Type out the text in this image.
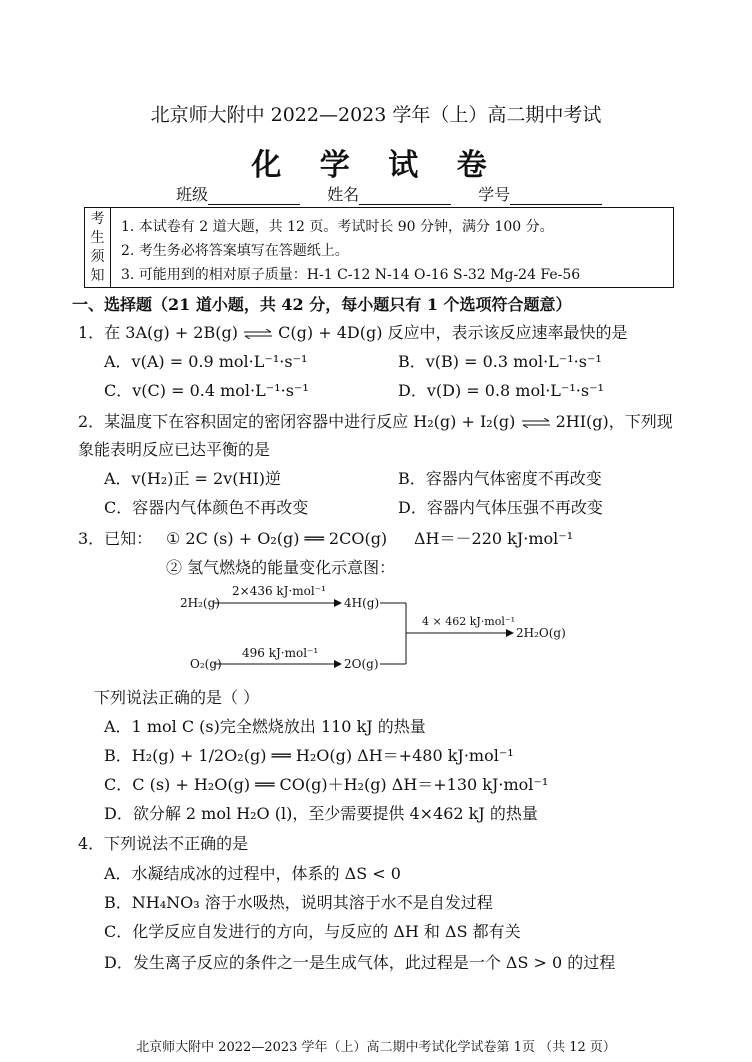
北京师大附中 2022—2023 学年（上）高二期中考试
化 学 试 卷
班级	姓名	学号
考
生
须
知
1. 本试卷有 2 道大题，共 12 页。考试时长 90 分钟，满分 100 分。
2. 考生务必将答案填写在答题纸上。
3. 可能用到的相对原子质量：H-1 C-12 N-14 O-16 S-32 Mg-24 Fe-56
一、选择题（21 道小题，共 42 分，每小题只有 1 个选项符合题意）
1．在 3A(g) + 2B(g) ⇌ C(g) + 4D(g) 反应中，表示该反应速率最快的是
A．v(A) = 0.9 mol·L⁻¹·s⁻¹	B．v(B) = 0.3 mol·L⁻¹·s⁻¹
C．v(C) = 0.4 mol·L⁻¹·s⁻¹	D．v(D) = 0.8 mol·L⁻¹·s⁻¹
2．某温度下在容积固定的密闭容器中进行反应 H₂(g) + I₂(g) ⇌ 2HI(g)，下列现
象能表明反应已达平衡的是
A．v(H₂)正 = 2v(HI)逆	B．容器内气体密度不再改变
C．容器内气体颜色不再改变	D．容器内气体压强不再改变
3．已知： ① 2C (s) + O₂(g) ══ 2CO(g) ΔH＝－220 kJ·mol⁻¹
② 氢气燃烧的能量变化示意图：
2H₂(g)
2×436 kJ·mol⁻¹
4H(g)
O₂(g)
496 kJ·mol⁻¹
2O(g)
4 × 462 kJ·mol⁻¹
2H₂O(g)
下列说法正确的是（ ）
A．1 mol C (s)完全燃烧放出 110 kJ 的热量
B．H₂(g) + 1/2O₂(g) ══ H₂O(g) ΔH＝+480 kJ·mol⁻¹
C．C (s) + H₂O(g) ══ CO(g)＋H₂(g) ΔH＝+130 kJ·mol⁻¹
D．欲分解 2 mol H₂O (l)，至少需要提供 4×462 kJ 的热量
4．下列说法不正确的是
A．水凝结成冰的过程中，体系的 ΔS < 0
B．NH₄NO₃ 溶于水吸热，说明其溶于水不是自发过程
C．化学反应自发进行的方向，与反应的 ΔH 和 ΔS 都有关
D．发生离子反应的条件之一是生成气体，此过程是一个 ΔS > 0 的过程
北京师大附中 2022—2023 学年（上）高二期中考试化学试卷第 1页 （共 12 页）
